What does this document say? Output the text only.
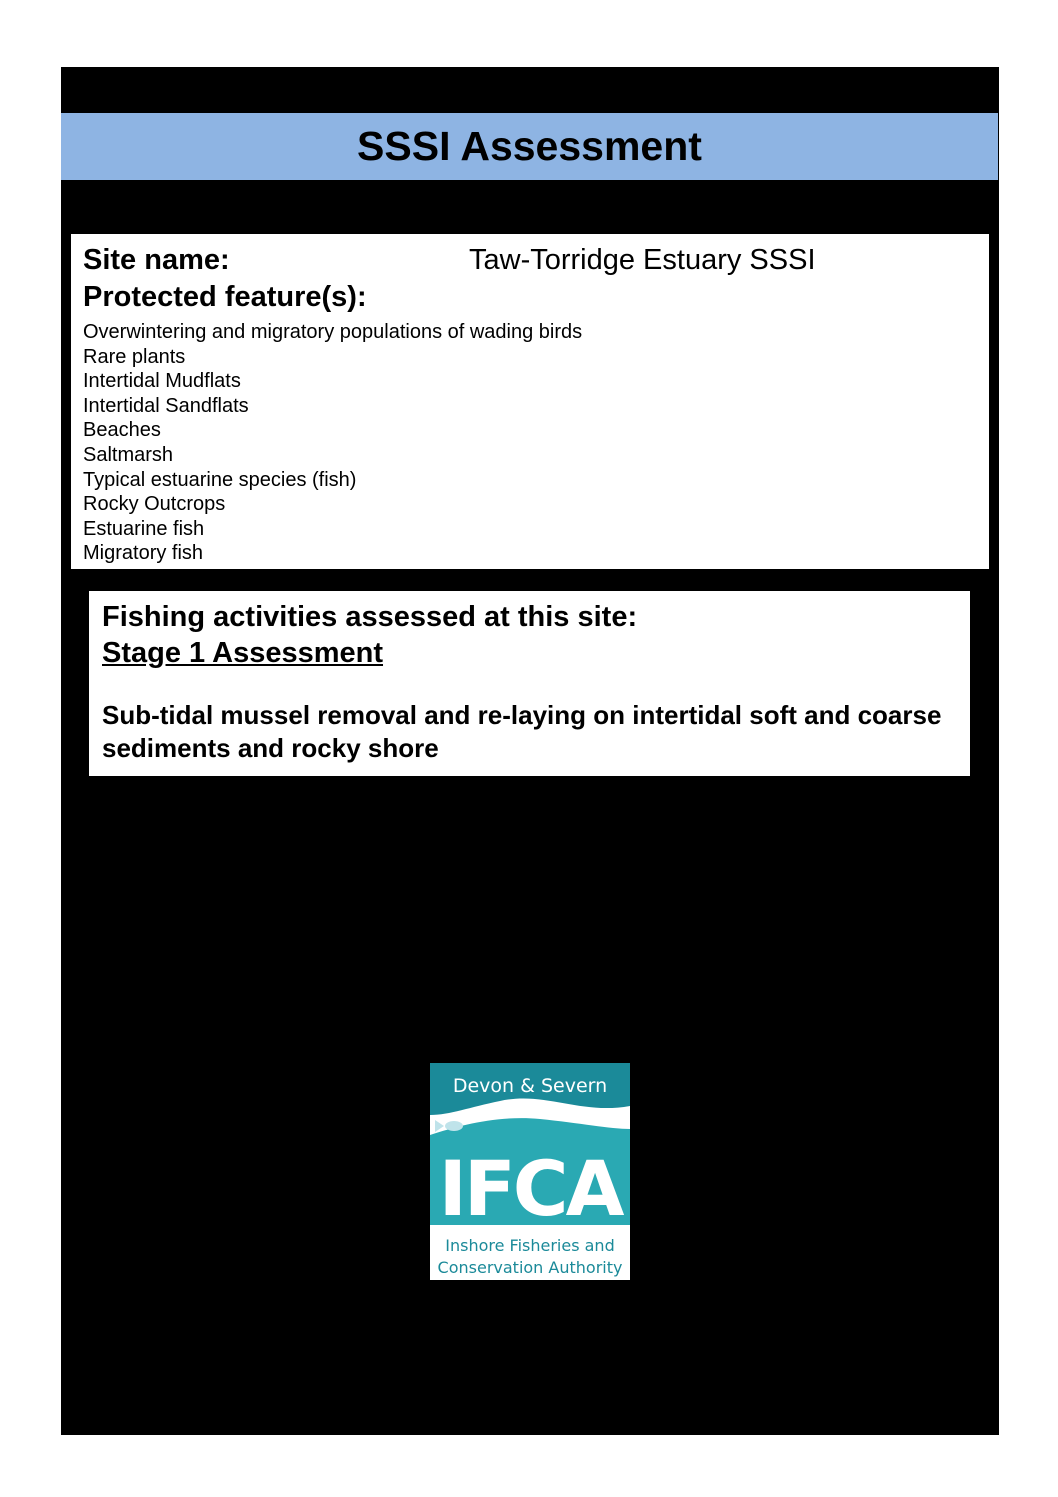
SSSI Assessment
Site name:	Taw-Torridge Estuary SSSI
Protected feature(s):
Overwintering and migratory populations of wading birds
Rare plants
Intertidal Mudflats
Intertidal Sandflats
Beaches
Saltmarsh
Typical estuarine species (fish)
Rocky Outcrops
Estuarine fish
Migratory fish
Fishing activities assessed at this site:
Stage 1 Assessment
Sub-tidal mussel removal and re-laying on intertidal soft and coarse sediments and rocky shore
Devon & Severn
IFCA
Inshore Fisheries and
Conservation Authority
